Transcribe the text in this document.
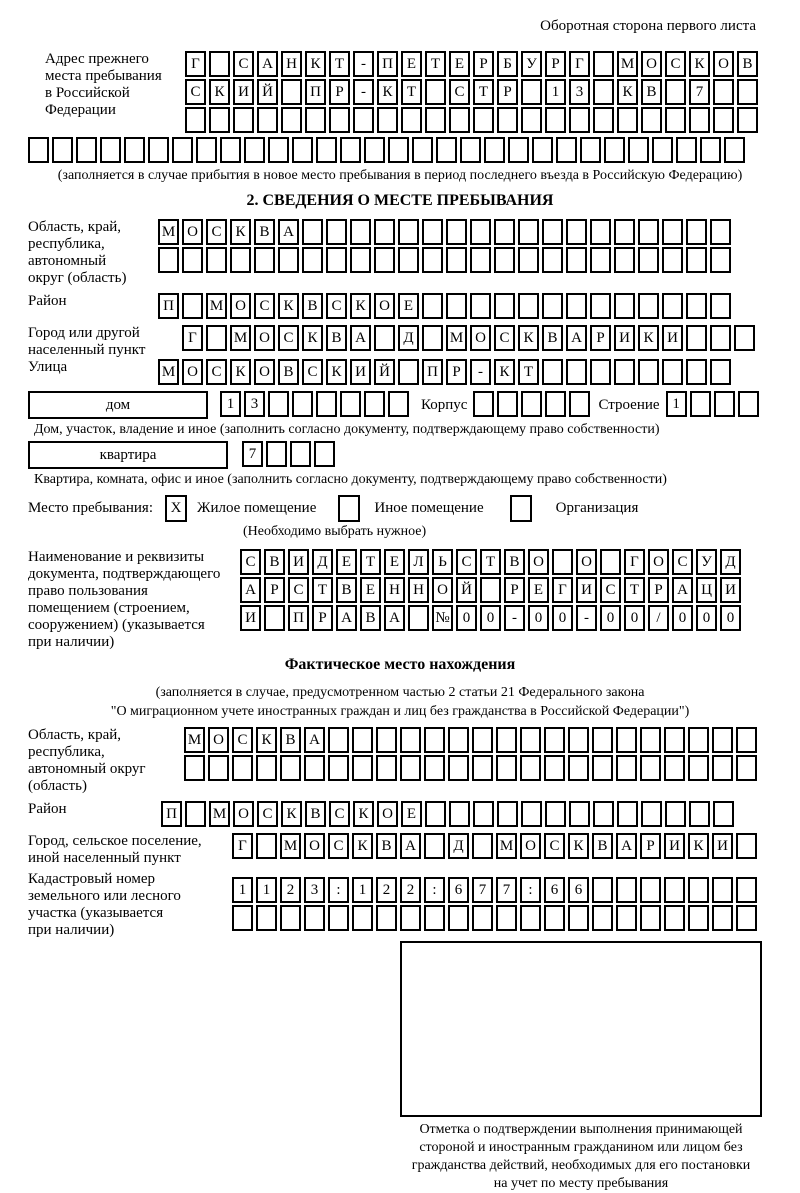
Оборотная сторона первого листа
Адрес прежнего
места пребывания
в Российской
Федерации
Г	С А Н К Т	-	П Е Т Е	Р	Б У Р	Г	М О С К О В
С К И Й	П Р	-	К Т	С Т	Р	1	3	К В	7
(заполняется в случае прибытия в новое место пребывания в период последнего въезда в Российскую Федерацию)
2. СВЕДЕНИЯ О МЕСТЕ ПРЕБЫВАНИЯ
Область, край,
республика,
автономный
округ (область)
М О С К В А
Район	П	М О С К В С К О Е
Город или другой
населенный пункт
Г	М О С К В А	Д	М О С К В А Р И К И
Улица	М О С К О В С К И Й	П Р	-	К Т
дом	1	3	Корпус	Строение 1
Дом, участок, владение и иное (заполнить согласно документу, подтверждающему право собственности)
квартира	7
Квартира, комната, офис и иное (заполнить согласно документу, подтверждающему право собственности)
Место пребывания: X Жилое помещение	Иное помещение	Организация
(Необходимо выбрать нужное)
Наименование и реквизиты
документа, подтверждающего
право пользования
помещением (строением,
сооружением) (указывается
при наличии)
С В И Д Е Т Е Л Ь С Т В О	О	Г О С У Д
А Р С Т В Е Н Н О Й	Р	Е	Г И С Т	Р А Ц И
И	П Р А В А	№ 0	0	-	0	0	-	0	0	/	0	0	0
Фактическое место нахождения
(заполняется в случае, предусмотренном частью 2 статьи 21 Федерального закона
"О миграционном учете иностранных граждан и лиц без гражданства в Российской Федерации")
Область, край,
республика,
автономный округ
(область)
М О С К В А
Район	П	М О С К В С К О Е
Город, сельское поселение,
иной населенный пункт
Г	М О С К В А	Д	М О С К В А Р И К И
Кадастровый номер
земельного или лесного
участка (указывается
при наличии)
1	1	2	3	:	1	2	2	:	6	7	7	:	6	6
Отметка о подтверждении выполнения принимающей
стороной и иностранным гражданином или лицом без
гражданства действий, необходимых для его постановки
на учет по месту пребывания
